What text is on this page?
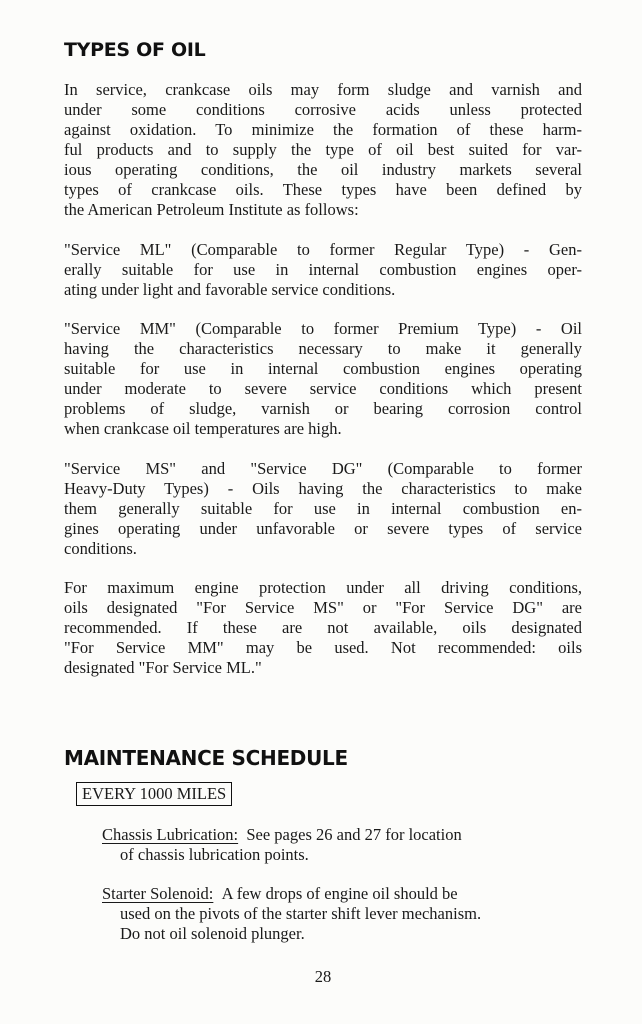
TYPES OF OIL
In service, crankcase oils may form sludge and varnish and
under some conditions corrosive acids unless protected
against oxidation. To minimize the formation of these harm-
ful products and to supply the type of oil best suited for var-
ious operating conditions, the oil industry markets several
types of crankcase oils. These types have been defined by
the American Petroleum Institute as follows:
"Service ML" (Comparable to former Regular Type) - Gen-
erally suitable for use in internal combustion engines oper-
ating under light and favorable service conditions.
"Service MM" (Comparable to former Premium Type) - Oil
having the characteristics necessary to make it generally
suitable for use in internal combustion engines operating
under moderate to severe service conditions which present
problems of sludge, varnish or bearing corrosion control
when crankcase oil temperatures are high.
"Service MS" and "Service DG" (Comparable to former
Heavy-Duty Types) - Oils having the characteristics to make
them generally suitable for use in internal combustion en-
gines operating under unfavorable or severe types of service
conditions.
For maximum engine protection under all driving conditions,
oils designated "For Service MS" or "For Service DG" are
recommended. If these are not available, oils designated
"For Service MM" may be used. Not recommended: oils
designated "For Service ML."
MAINTENANCE SCHEDULE
EVERY 1000 MILES
Chassis Lubrication: See pages 26 and 27 for location
of chassis lubrication points.
Starter Solenoid: A few drops of engine oil should be
used on the pivots of the starter shift lever mechanism.
Do not oil solenoid plunger.
28
